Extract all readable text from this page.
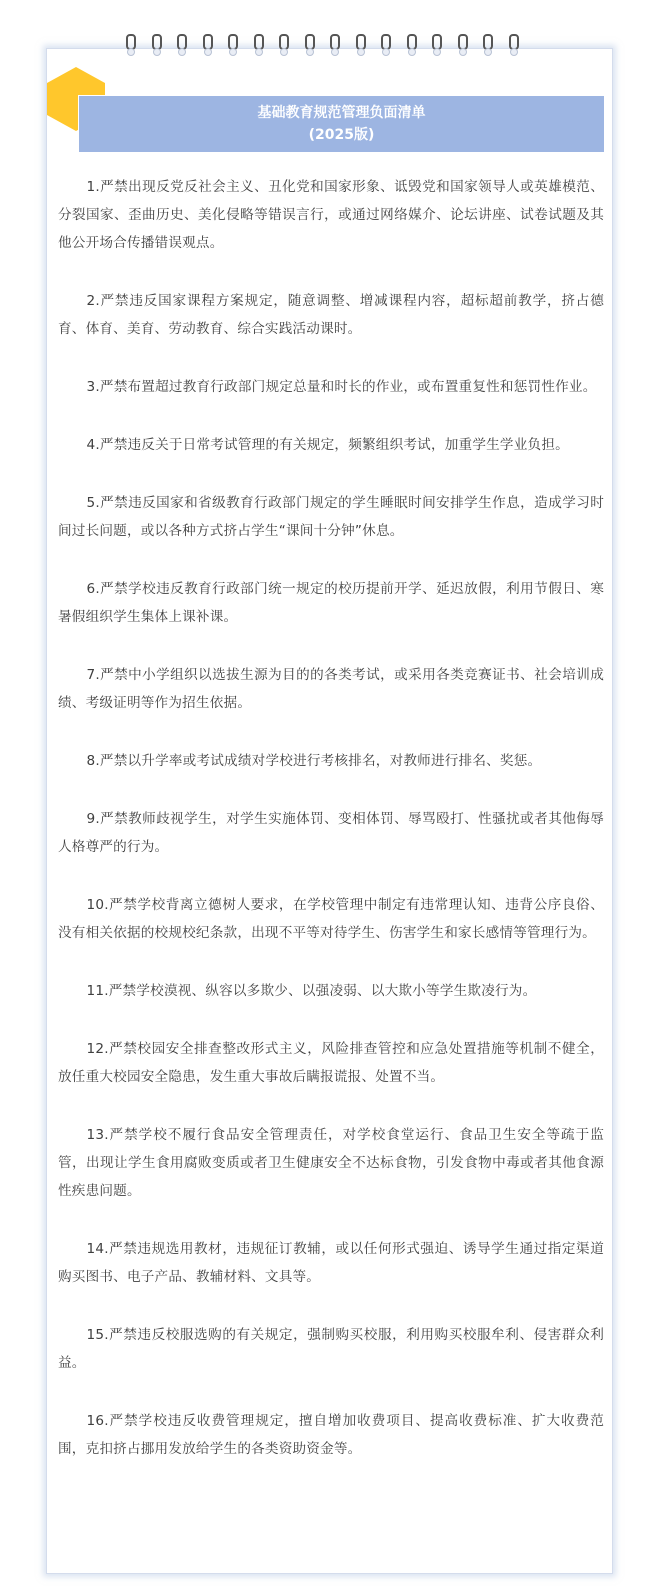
基础教育规范管理负面清单
(2025版)

1.严禁出现反党反社会主义、丑化党和国家形象、诋毁党和国家领导人或英雄模范、分裂国家、歪曲历史、美化侵略等错误言行，或通过网络媒介、论坛讲座、试卷试题及其他公开场合传播错误观点。

2.严禁违反国家课程方案规定，随意调整、增减课程内容，超标超前教学，挤占德育、体育、美育、劳动教育、综合实践活动课时。

3.严禁布置超过教育行政部门规定总量和时长的作业，或布置重复性和惩罚性作业。

4.严禁违反关于日常考试管理的有关规定，频繁组织考试，加重学生学业负担。

5.严禁违反国家和省级教育行政部门规定的学生睡眠时间安排学生作息，造成学习时间过长问题，或以各种方式挤占学生“课间十分钟”休息。

6.严禁学校违反教育行政部门统一规定的校历提前开学、延迟放假，利用节假日、寒暑假组织学生集体上课补课。

7.严禁中小学组织以选拔生源为目的的各类考试，或采用各类竞赛证书、社会培训成绩、考级证明等作为招生依据。

8.严禁以升学率或考试成绩对学校进行考核排名，对教师进行排名、奖惩。

9.严禁教师歧视学生，对学生实施体罚、变相体罚、辱骂殴打、性骚扰或者其他侮辱人格尊严的行为。

10.严禁学校背离立德树人要求，在学校管理中制定有违常理认知、违背公序良俗、没有相关依据的校规校纪条款，出现不平等对待学生、伤害学生和家长感情等管理行为。

11.严禁学校漠视、纵容以多欺少、以强凌弱、以大欺小等学生欺凌行为。

12.严禁校园安全排查整改形式主义，风险排查管控和应急处置措施等机制不健全，放任重大校园安全隐患，发生重大事故后瞒报谎报、处置不当。

13.严禁学校不履行食品安全管理责任，对学校食堂运行、食品卫生安全等疏于监管，出现让学生食用腐败变质或者卫生健康安全不达标食物，引发食物中毒或者其他食源性疾患问题。

14.严禁违规选用教材，违规征订教辅，或以任何形式强迫、诱导学生通过指定渠道购买图书、电子产品、教辅材料、文具等。

15.严禁违反校服选购的有关规定，强制购买校服，利用购买校服牟利、侵害群众利益。

16.严禁学校违反收费管理规定，擅自增加收费项目、提高收费标准、扩大收费范围，克扣挤占挪用发放给学生的各类资助资金等。
